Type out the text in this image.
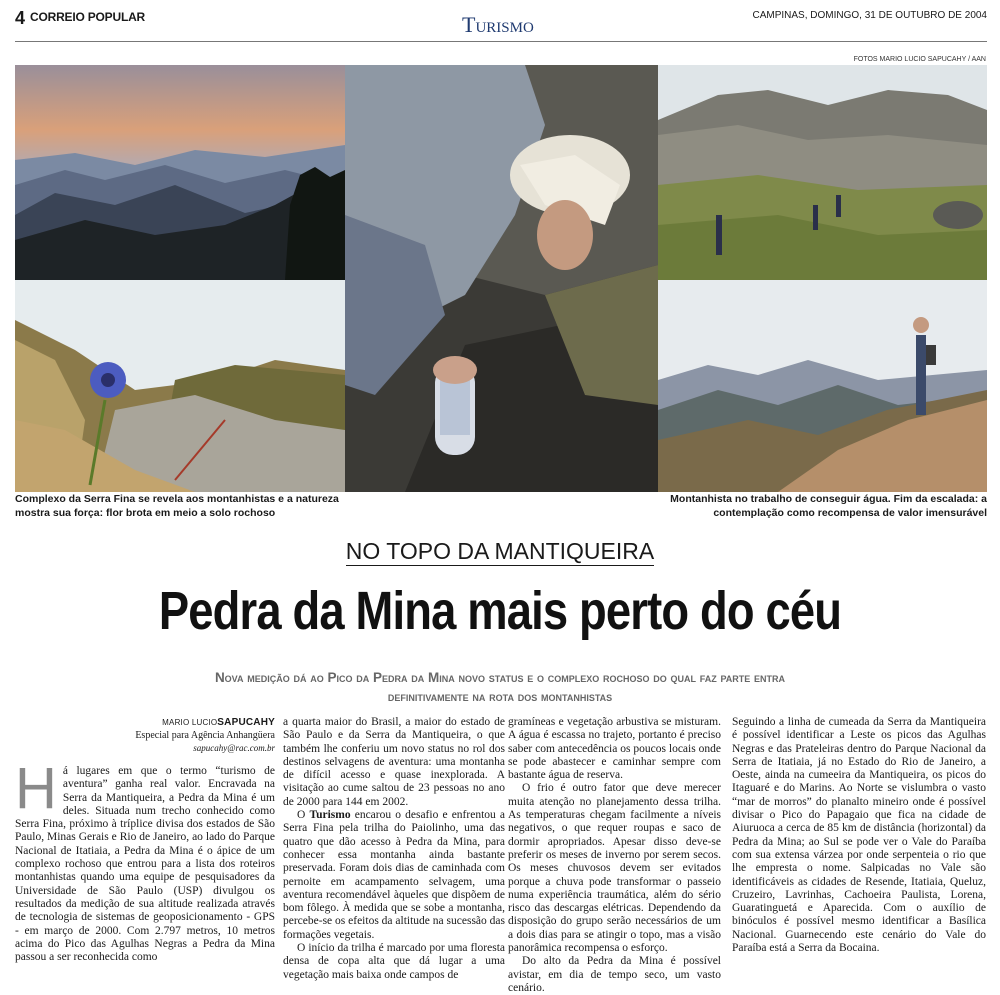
4 CORREIO POPULAR	Turismo	CAMPINAS, DOMINGO, 31 DE OUTUBRO DE 2004
FOTOS MARIO LUCIO SAPUCAHY / AAN
Complexo da Serra Fina se revela aos montanhistas e a natureza mostra sua força: flor brota em meio a solo rochoso
Montanhista no trabalho de conseguir água. Fim da escalada: a contemplação como recompensa de valor imensurável
NO TOPO DA MANTIQUEIRA
Pedra da Mina mais perto do céu
Nova medição dá ao Pico da Pedra da Mina novo status e o complexo rochoso do qual faz parte entra definitivamente na rota dos montanhistas
MARIO LUCIOSAPUCAHY
Especial para Agência Anhangüera
sapucahy@rac.com.br
H á lugares em que o termo “turismo de aventura” ganha real valor. Encravada na Serra da Mantiqueira, a Pedra da Mina é um deles. Situada num trecho conhecido como Serra Fina, próximo à tríplice divisa dos estados de São Paulo, Minas Gerais e Rio de Janeiro, ao lado do Parque Nacional de Itatiaia, a Pedra da Mina é o ápice de um complexo rochoso que entrou para a lista dos roteiros montanhistas quando uma equipe de pesquisadores da Universidade de São Paulo (USP) divulgou os resultados da medição de sua altitude realizada através de tecnologia de sistemas de geoposicionamento - GPS - em março de 2000. Com 2.797 metros, 10 metros acima do Pico das Agulhas Negras a Pedra da Mina passou a ser reconhecida como

a quarta maior do Brasil, a maior do estado de São Paulo e da Serra da Mantiqueira, o que também lhe conferiu um novo status no rol dos destinos selvagens de aventura: uma montanha de difícil acesso e quase inexplorada. A visitação ao cume saltou de 23 pessoas no ano de 2000 para 144 em 2002.

O Turismo encarou o desafio e enfrentou a Serra Fina pela trilha do Paiolinho, uma das quatro que dão acesso à Pedra da Mina, para conhecer essa montanha ainda bastante preservada. Foram dois dias de caminhada com pernoite em acampamento selvagem, uma aventura recomendável àqueles que dispõem de bom fôlego. À medida que se sobe a montanha, percebe-se os efeitos da altitude na sucessão das formações vegetais.

O início da trilha é marcado por uma floresta densa de copa alta que dá lugar a uma vegetação mais baixa onde campos de

gramíneas e vegetação arbustiva se misturam. A água é escassa no trajeto, portanto é preciso saber com antecedência os poucos locais onde se pode abastecer e caminhar sempre com bastante água de reserva.

O frio é outro fator que deve merecer muita atenção no planejamento dessa trilha. As temperaturas chegam facilmente a níveis negativos, o que requer roupas e saco de dormir apropriados. Apesar disso deve-se preferir os meses de inverno por serem secos. Os meses chuvosos devem ser evitados porque a chuva pode transformar o passeio numa experiência traumática, além do sério risco das descargas elétricas. Dependendo da disposição do grupo serão necessários de um a dois dias para se atingir o topo, mas a visão panorâmica recompensa o esforço.

Do alto da Pedra da Mina é possível avistar, em dia de tempo seco, um vasto cenário.

Seguindo a linha de cumeada da Serra da Mantiqueira é possível identificar a Leste os picos das Agulhas Negras e das Prateleiras dentro do Parque Nacional da Serra de Itatiaia, já no Estado do Rio de Janeiro, a Oeste, ainda na cumeeira da Mantiqueira, os picos do Itaguaré e do Marins. Ao Norte se vislumbra o vasto “mar de morros” do planalto mineiro onde é possível divisar o Pico do Papagaio que fica na cidade de Aiuruoca a cerca de 85 km de distância (horizontal) da Pedra da Mina; ao Sul se pode ver o Vale do Paraíba com sua extensa várzea por onde serpenteia o rio que lhe empresta o nome. Salpicadas no Vale são identificáveis as cidades de Resende, Itatiaia, Queluz, Cruzeiro, Lavrinhas, Cachoeira Paulista, Lorena, Guaratinguetá e Aparecida. Com o auxílio de binóculos é possível mesmo identificar a Basílica Nacional. Guarnecendo este cenário do Vale do Paraíba está a Serra da Bocaina.
